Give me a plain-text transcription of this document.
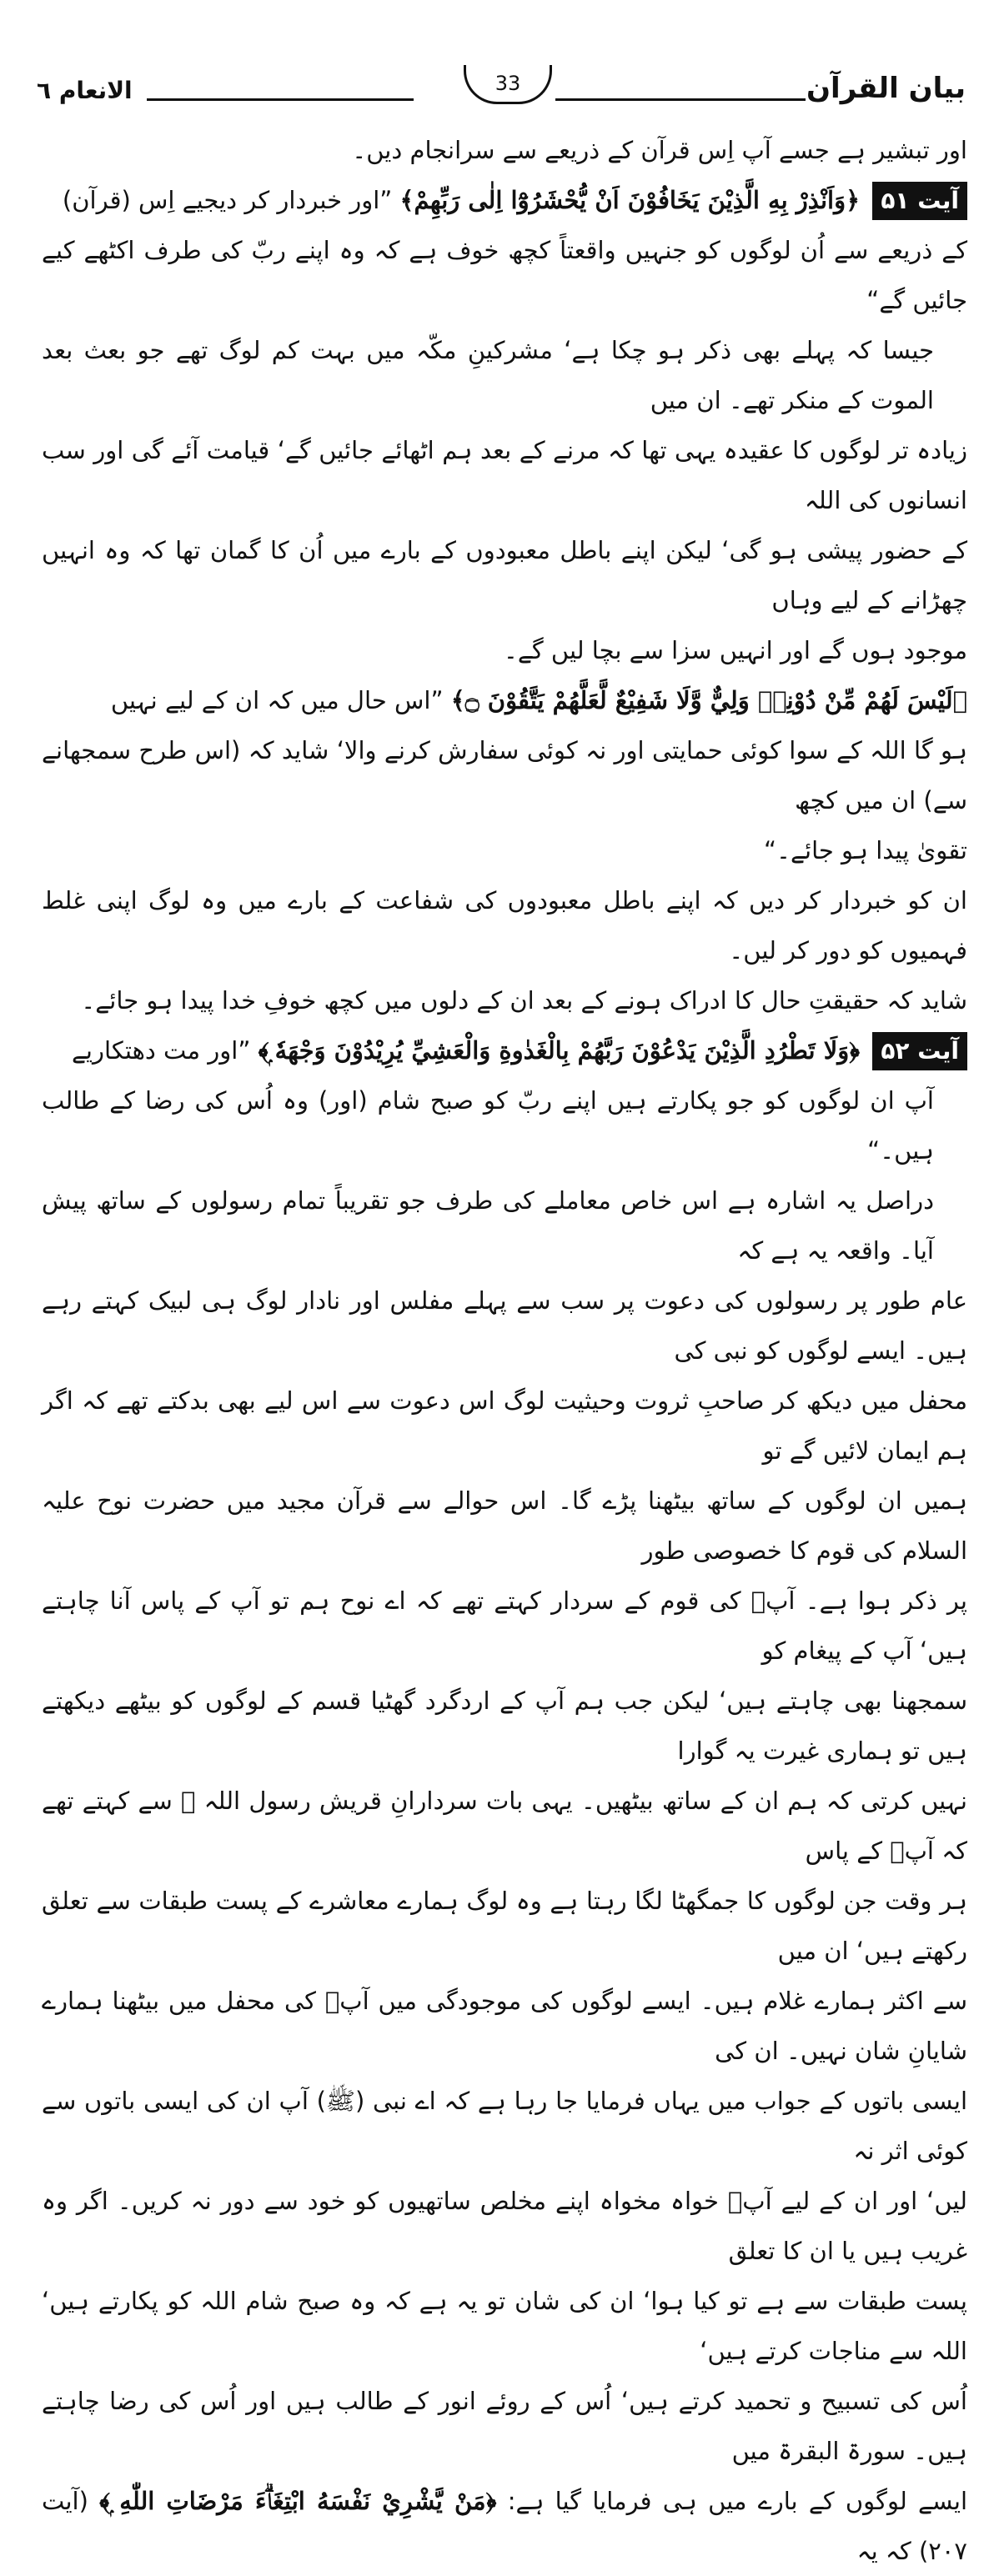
بیان القرآن
33
الانعام ٦

اور تبشیر ہے جسے آپ اِس قرآن کے ذریعے سے سرانجام دیں۔

آیت ۵۱ ﴿وَاَنْذِرْ بِهِ الَّذِيْنَ يَخَافُوْنَ اَنْ يُّحْشَرُوْٓا اِلٰى رَبِّهِمْ﴾ ”اور خبردار کر دیجیے اِس (قرآن)

کے ذریعے سے اُن لوگوں کو جنہیں واقعتاً کچھ خوف ہے کہ وہ اپنے ربّ کی طرف اکٹھے کیے جائیں گے“

جیسا کہ پہلے بھی ذکر ہو چکا ہے‘ مشرکینِ مکّہ میں بہت کم لوگ تھے جو بعث بعد الموت کے منکر تھے۔ ان میں

زیادہ تر لوگوں کا عقیدہ یہی تھا کہ مرنے کے بعد ہم اٹھائے جائیں گے‘ قیامت آئے گی اور سب انسانوں کی اللہ

کے حضور پیشی ہو گی‘ لیکن اپنے باطل معبودوں کے بارے میں اُن کا گمان تھا کہ وہ انہیں چھڑانے کے لیے وہاں

موجود ہوں گے اور انہیں سزا سے بچا لیں گے۔

﴿لَيْسَ لَهُمْ مِّنْ دُوْنِهٖ وَلِيٌّ وَّلَا شَفِيْعٌ لَّعَلَّهُمْ يَتَّقُوْنَ ۝﴾ ”اس حال میں کہ ان کے لیے نہیں

ہو گا اللہ کے سوا کوئی حمایتی اور نہ کوئی سفارش کرنے والا‘ شاید کہ (اس طرح سمجھانے سے) ان میں کچھ

تقویٰ پیدا ہو جائے۔“

ان کو خبردار کر دیں کہ اپنے باطل معبودوں کی شفاعت کے بارے میں وہ لوگ اپنی غلط فہمیوں کو دور کر لیں۔

شاید کہ حقیقتِ حال کا ادراک ہونے کے بعد ان کے دلوں میں کچھ خوفِ خدا پیدا ہو جائے۔

آیت ۵۲ ﴿وَلَا تَطْرُدِ الَّذِيْنَ يَدْعُوْنَ رَبَّهُمْ بِالْغَدٰوةِ وَالْعَشِيِّ يُرِيْدُوْنَ وَجْهَهٗ ۭ﴾ ”اور مت دھتکاریے

آپ ان لوگوں کو جو پکارتے ہیں اپنے ربّ کو صبح شام (اور) وہ اُس کی رضا کے طالب ہیں۔“

دراصل یہ اشارہ ہے اس خاص معاملے کی طرف جو تقریباً تمام رسولوں کے ساتھ پیش آیا۔ واقعہ یہ ہے کہ

عام طور پر رسولوں کی دعوت پر سب سے پہلے مفلس اور نادار لوگ ہی لبیک کہتے رہے ہیں۔ ایسے لوگوں کو نبی کی

محفل میں دیکھ کر صاحبِ ثروت وحیثیت لوگ اس دعوت سے اس لیے بھی بدکتے تھے کہ اگر ہم ایمان لائیں گے تو

ہمیں ان لوگوں کے ساتھ بیٹھنا پڑے گا۔ اس حوالے سے قرآن مجید میں حضرت نوح علیہ السلام کی قوم کا خصوصی طور

پر ذکر ہوا ہے۔ آپؑ کی قوم کے سردار کہتے تھے کہ اے نوح ہم تو آپ کے پاس آنا چاہتے ہیں‘ آپ کے پیغام کو

سمجھنا بھی چاہتے ہیں‘ لیکن جب ہم آپ کے اردگرد گھٹیا قسم کے لوگوں کو بیٹھے دیکھتے ہیں تو ہماری غیرت یہ گوارا

نہیں کرتی کہ ہم ان کے ساتھ بیٹھیں۔ یہی بات سردارانِ قریش رسول اللہ ﷺ سے کہتے تھے کہ آپؐ کے پاس

ہر وقت جن لوگوں کا جمگھٹا لگا رہتا ہے وہ لوگ ہمارے معاشرے کے پست طبقات سے تعلق رکھتے ہیں‘ ان میں

سے اکثر ہمارے غلام ہیں۔ ایسے لوگوں کی موجودگی میں آپؐ کی محفل میں بیٹھنا ہمارے شایانِ شان نہیں۔ ان کی

ایسی باتوں کے جواب میں یہاں فرمایا جا رہا ہے کہ اے نبی (ﷺ) آپ ان کی ایسی باتوں سے کوئی اثر نہ

لیں‘ اور ان کے لیے آپؐ خواہ مخواہ اپنے مخلص ساتھیوں کو خود سے دور نہ کریں۔ اگر وہ غریب ہیں یا ان کا تعلق

پست طبقات سے ہے تو کیا ہوا‘ ان کی شان تو یہ ہے کہ وہ صبح شام اللہ کو پکارتے ہیں‘ اللہ سے مناجات کرتے ہیں‘

اُس کی تسبیح و تحمید کرتے ہیں‘ اُس کے روئے انور کے طالب ہیں اور اُس کی رضا چاہتے ہیں۔ سورۃ البقرۃ میں

ایسے لوگوں کے بارے میں ہی فرمایا گیا ہے: ﴿مَنْ يَّشْرِيْ نَفْسَهُ ابْتِغَاۗءَ مَرْضَاتِ اللّٰهِ ۭ﴾ (آیت ۲۰۷) کہ یہ
